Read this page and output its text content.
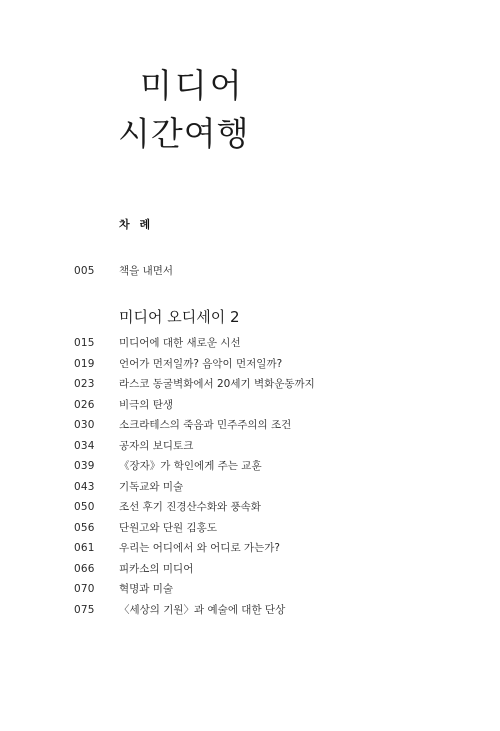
미디어
시간여행
차 례
005 책을 내면서
미디어 오디세이 2
015 미디어에 대한 새로운 시선
019 언어가 먼저일까? 음악이 먼저일까?
023 라스코 동굴벽화에서 20세기 벽화운동까지
026 비극의 탄생
030 소크라테스의 죽음과 민주주의의 조건
034 공자의 보디토크
039 《장자》가 학인에게 주는 교훈
043 기독교와 미술
050 조선 후기 진경산수화와 풍속화
056 단원고와 단원 김홍도
061 우리는 어디에서 와 어디로 가는가?
066 피카소의 미디어
070 혁명과 미술
075 〈세상의 기원〉과 예술에 대한 단상
